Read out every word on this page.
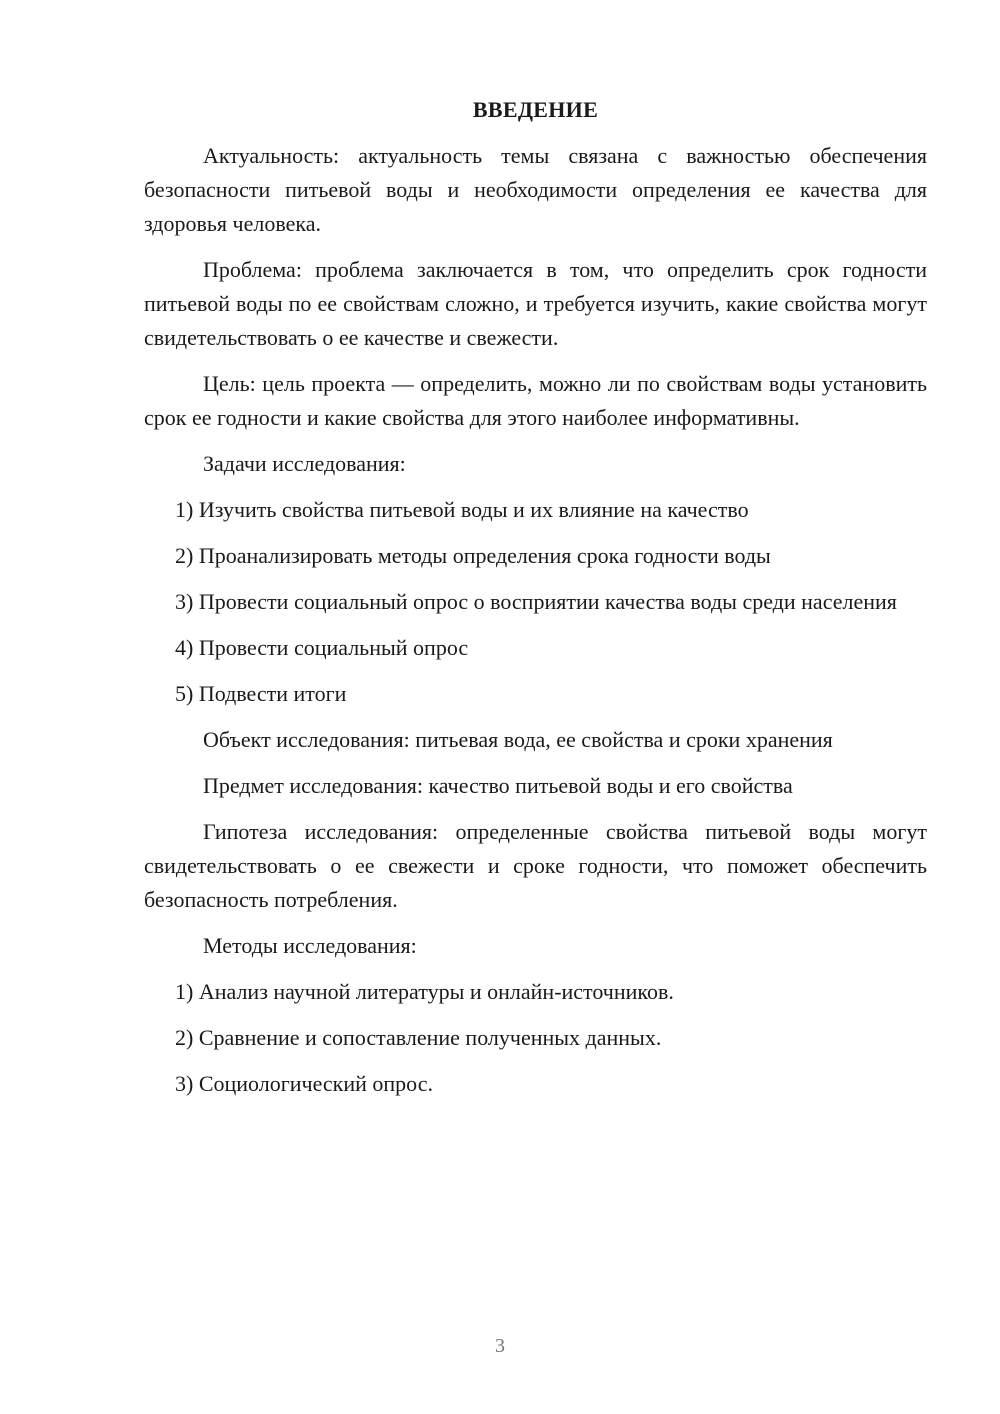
ВВЕДЕНИЕ

Актуальность: актуальность темы связана с важностью обеспечения безопасности питьевой воды и необходимости определения ее качества для здоровья человека.

Проблема: проблема заключается в том, что определить срок годности питьевой воды по ее свойствам сложно, и требуется изучить, какие свойства могут свидетельствовать о ее качестве и свежести.

Цель: цель проекта — определить, можно ли по свойствам воды установить срок ее годности и какие свойства для этого наиболее информативны.

Задачи исследования:

1) Изучить свойства питьевой воды и их влияние на качество

2) Проанализировать методы определения срока годности воды

3) Провести социальный опрос о восприятии качества воды среди населения

4) Провести социальный опрос

5) Подвести итоги

Объект исследования: питьевая вода, ее свойства и сроки хранения

Предмет исследования: качество питьевой воды и его свойства

Гипотеза исследования: определенные свойства питьевой воды могут свидетельствовать о ее свежести и сроке годности, что поможет обеспечить безопасность потребления.

Методы исследования:

1) Анализ научной литературы и онлайн-источников.

2) Сравнение и сопоставление полученных данных.

3) Социологический опрос.

3
